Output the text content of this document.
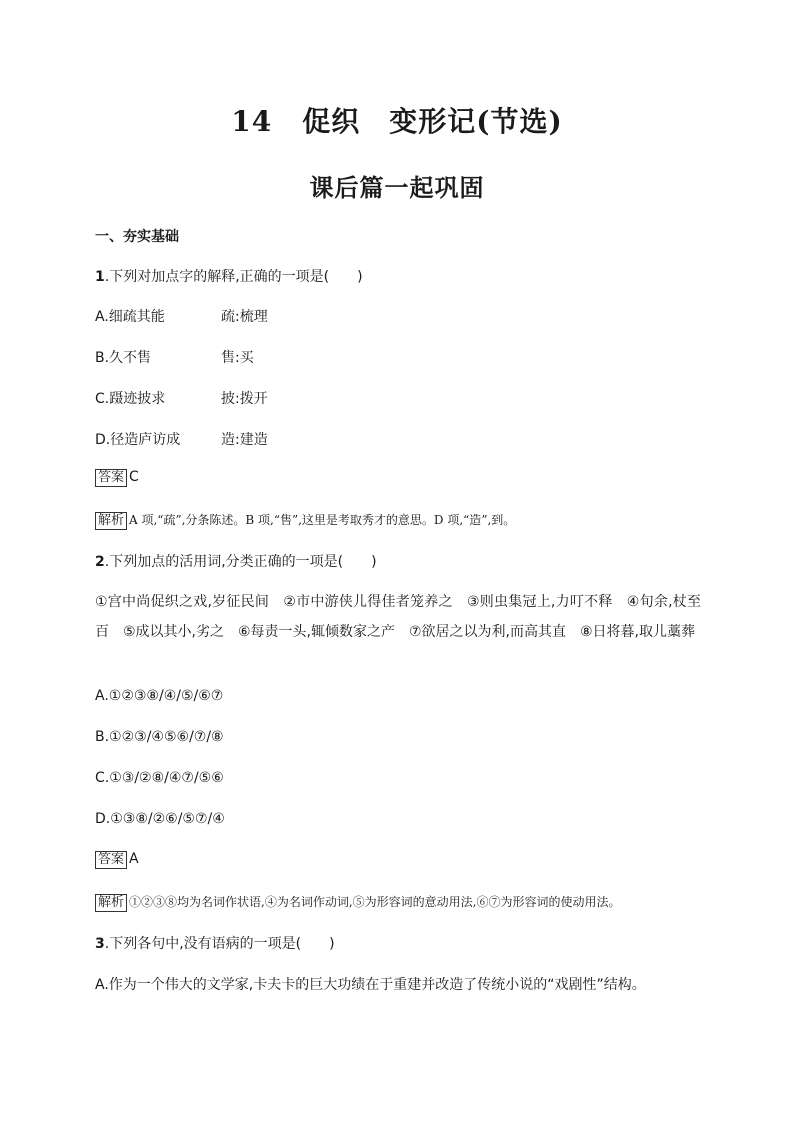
14 促织　变形记(节选)
课后篇一起巩固
一、夯实基础
1.下列对加点字的解释,正确的一项是(　　)
A.细疏其能	疏:梳理
B.久不售	售:买
C.蹑迹披求	披:拨开
D.径造庐访成	造:建造
答案 C
解析 A 项,“疏”,分条陈述。B 项,“售”,这里是考取秀才的意思。D 项,“造”,到。
2.下列加点的活用词,分类正确的一项是(　　)
①宫中尚促织之戏,岁征民间　②市中游侠儿得佳者笼养之　③则虫集冠上,力叮不释　④旬余,杖至百　⑤成以其小,劣之　⑥每责一头,辄倾数家之产　⑦欲居之以为利,而高其直　⑧日将暮,取儿藁葬
A.①②③⑧/④/⑤/⑥⑦
B.①②③/④⑤⑥/⑦/⑧
C.①③/②⑧/④⑦/⑤⑥
D.①③⑧/②⑥/⑤⑦/④
答案 A
解析 ①②③⑧均为名词作状语,④为名词作动词,⑤为形容词的意动用法,⑥⑦为形容词的使动用法。
3.下列各句中,没有语病的一项是(　　)
A.作为一个伟大的文学家,卡夫卡的巨大功绩在于重建并改造了传统小说的“戏剧性”结构。
